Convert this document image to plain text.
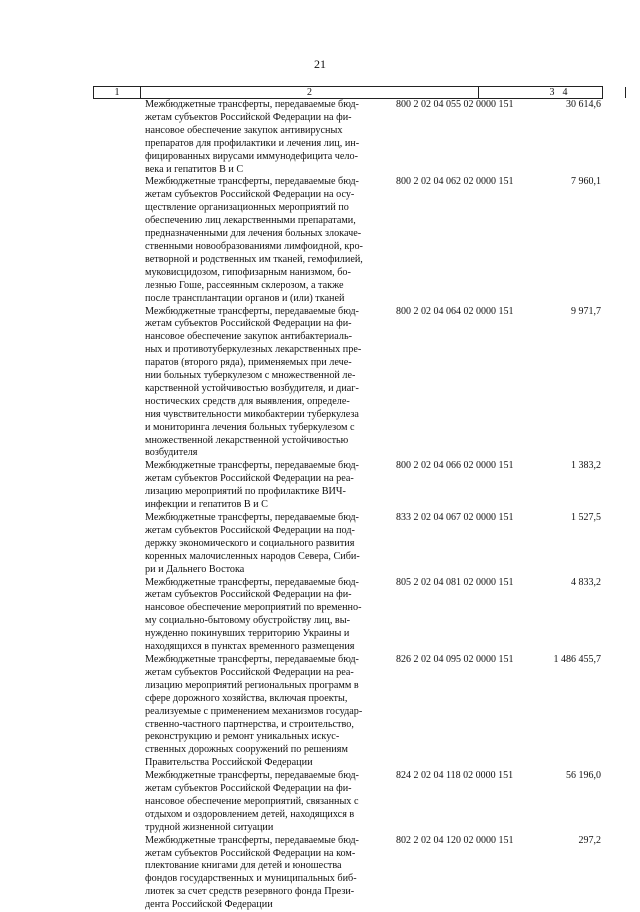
21
1	2	3 4
Межбюджетные трансферты, передаваемые бюд-
жетам субъектов Российской Федерации на фи-
нансовое обеспечение закупок антивирусных
препаратов для профилактики и лечения лиц, ин-
фицированных вирусами иммунодефицита чело-
века и гепатитов В и С
800 2 02 04 055 02 0000 151	30 614,6
Межбюджетные трансферты, передаваемые бюд-
жетам субъектов Российской Федерации на осу-
ществление организационных мероприятий по
обеспечению лиц лекарственными препаратами,
предназначенными для лечения больных злокаче-
ственными новообразованиями лимфоидной, кро-
ветворной и родственных им тканей, гемофилией,
муковисцидозом, гипофизарным нанизмом, бо-
лезнью Гоше, рассеянным склерозом, а также
после трансплантации органов и (или) тканей
800 2 02 04 062 02 0000 151	7 960,1
Межбюджетные трансферты, передаваемые бюд-
жетам субъектов Российской Федерации на фи-
нансовое обеспечение закупок антибактериаль-
ных и противотуберкулезных лекарственных пре-
паратов (второго ряда), применяемых при лече-
нии больных туберкулезом с множественной ле-
карственной устойчивостью возбудителя, и диаг-
ностических средств для выявления, определе-
ния чувствительности микобактерии туберкулеза
и мониторинга лечения больных туберкулезом с
множественной лекарственной устойчивостью
возбудителя
800 2 02 04 064 02 0000 151	9 971,7
Межбюджетные трансферты, передаваемые бюд-
жетам субъектов Российской Федерации на реа-
лизацию мероприятий по профилактике ВИЧ-
инфекции и гепатитов В и С
800 2 02 04 066 02 0000 151	1 383,2
Межбюджетные трансферты, передаваемые бюд-
жетам субъектов Российской Федерации на под-
держку экономического и социального развития
коренных малочисленных народов Севера, Сиби-
ри и Дальнего Востока
833 2 02 04 067 02 0000 151	1 527,5
Межбюджетные трансферты, передаваемые бюд-
жетам субъектов Российской Федерации на фи-
нансовое обеспечение мероприятий по временно-
му социально-бытовому обустройству лиц, вы-
нужденно покинувших территорию Украины и
находящихся в пунктах временного размещения
805 2 02 04 081 02 0000 151	4 833,2
Межбюджетные трансферты, передаваемые бюд-
жетам субъектов Российской Федерации на реа-
лизацию мероприятий региональных программ в
сфере дорожного хозяйства, включая проекты,
реализуемые с применением механизмов государ-
ственно-частного партнерства, и строительство,
реконструкцию и ремонт уникальных искус-
ственных дорожных сооружений по решениям
Правительства Российской Федерации
826 2 02 04 095 02 0000 151	1 486 455,7
Межбюджетные трансферты, передаваемые бюд-
жетам субъектов Российской Федерации на фи-
нансовое обеспечение мероприятий, связанных с
отдыхом и оздоровлением детей, находящихся в
трудной жизненной ситуации
824 2 02 04 118 02 0000 151	56 196,0
Межбюджетные трансферты, передаваемые бюд-
жетам субъектов Российской Федерации на ком-
плектование книгами для детей и юношества
фондов государственных и муниципальных биб-
лиотек за счет средств резервного фонда Прези-
дента Российской Федерации
802 2 02 04 120 02 0000 151	297,2
